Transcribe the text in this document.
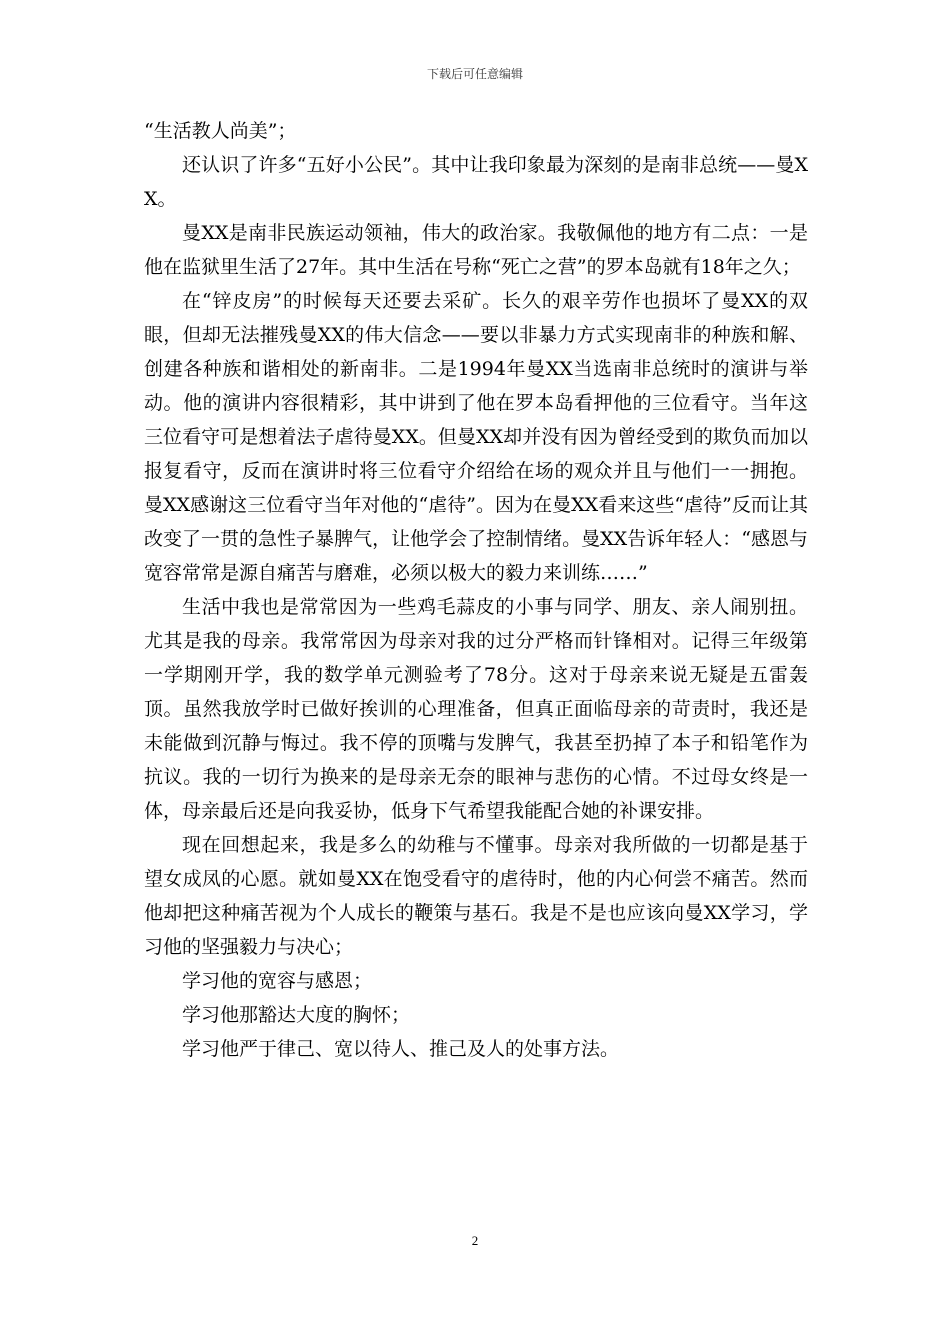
下载后可任意编辑

“生活教人尚美”；

还认识了许多“五好小公民”。其中让我印象最为深刻的是南非总统——曼XX。

曼XX是南非民族运动领袖，伟大的政治家。我敬佩他的地方有二点：一是他在监狱里生活了27年。其中生活在号称“死亡之营”的罗本岛就有18年之久；

在“锌皮房”的时候每天还要去采矿。长久的艰辛劳作也损坏了曼XX的双眼，但却无法摧残曼XX的伟大信念——要以非暴力方式实现南非的种族和解、创建各种族和谐相处的新南非。二是1994年曼XX当选南非总统时的演讲与举动。他的演讲内容很精彩，其中讲到了他在罗本岛看押他的三位看守。当年这三位看守可是想着法子虐待曼XX。但曼XX却并没有因为曾经受到的欺负而加以报复看守，反而在演讲时将三位看守介绍给在场的观众并且与他们一一拥抱。曼XX感谢这三位看守当年对他的“虐待”。因为在曼XX看来这些“虐待”反而让其改变了一贯的急性子暴脾气，让他学会了控制情绪。曼XX告诉年轻人：“感恩与宽容常常是源自痛苦与磨难，必须以极大的毅力来训练……”

生活中我也是常常因为一些鸡毛蒜皮的小事与同学、朋友、亲人闹别扭。尤其是我的母亲。我常常因为母亲对我的过分严格而针锋相对。记得三年级第一学期刚开学，我的数学单元测验考了78分。这对于母亲来说无疑是五雷轰顶。虽然我放学时已做好挨训的心理准备，但真正面临母亲的苛责时，我还是未能做到沉静与悔过。我不停的顶嘴与发脾气，我甚至扔掉了本子和铅笔作为抗议。我的一切行为换来的是母亲无奈的眼神与悲伤的心情。不过母女终是一体，母亲最后还是向我妥协，低身下气希望我能配合她的补课安排。

现在回想起来，我是多么的幼稚与不懂事。母亲对我所做的一切都是基于望女成凤的心愿。就如曼XX在饱受看守的虐待时，他的内心何尝不痛苦。然而他却把这种痛苦视为个人成长的鞭策与基石。我是不是也应该向曼XX学习，学习他的坚强毅力与决心；

学习他的宽容与感恩；

学习他那豁达大度的胸怀；

学习他严于律己、宽以待人、推己及人的处事方法。

2
